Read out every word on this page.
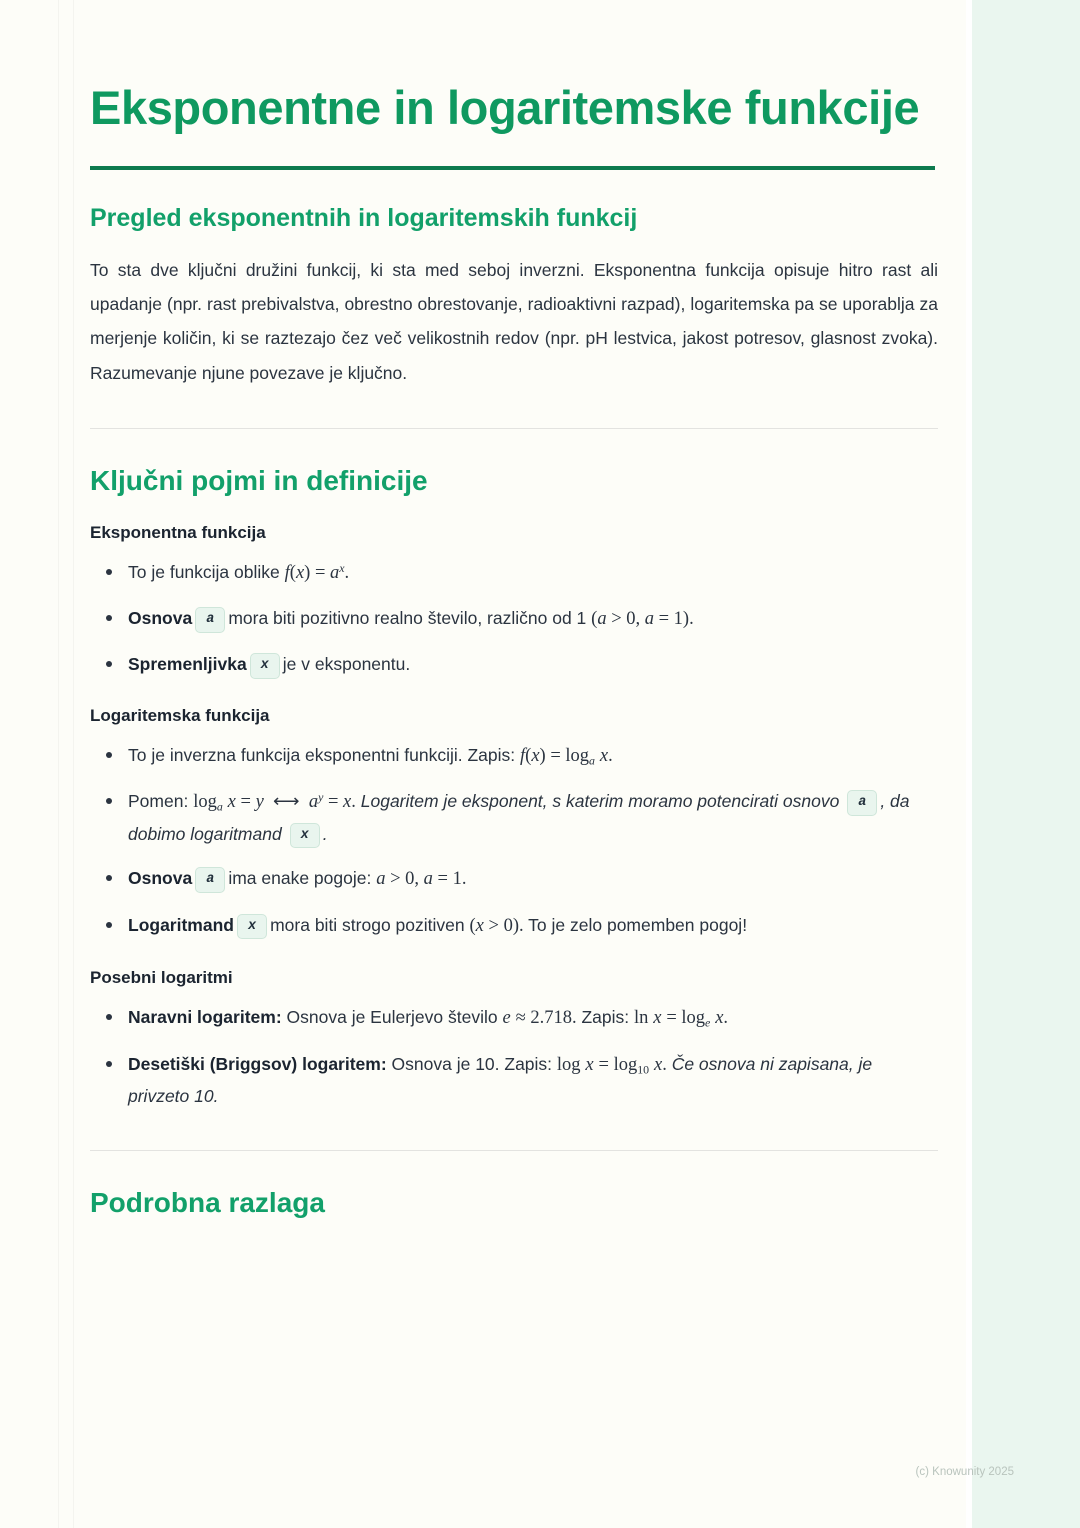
Eksponentne in logaritemske funkcije
Pregled eksponentnih in logaritemskih funkcij

To sta dve ključni družini funkcij, ki sta med seboj inverzni. Eksponentna funkcija opisuje hitro rast ali upadanje (npr. rast prebivalstva, obrestno obrestovanje, radioaktivni razpad), logaritemska pa se uporablja za merjenje količin, ki se raztezajo čez več velikostnih redov (npr. pH lestvica, jakost potresov, glasnost zvoka). Razumevanje njune povezave je ključno.

Ključni pojmi in definicije
Eksponentna funkcija
To je funkcija oblike $f(x) = a^x$.
Osnova a mora biti pozitivno realno število, različno od 1 (a > 0, a = 1).
Spremenljivka x je v eksponentu.
Logaritemska funkcija
To je inverzna funkcija eksponentni funkciji. Zapis: f(x) = loga x.
Pomen: loga x = y  ⟷  $a^y = x$. Logaritem je eksponent, s katerim moramo potencirati osnovo a , da dobimo logaritmand x .
Osnova a ima enake pogoje: a > 0, a = 1.
Logaritmand x mora biti strogo pozitiven (x > 0). To je zelo pomemben pogoj!
Posebni logaritmi
Naravni logaritem: Osnova je Eulerjevo število e ≈ 2.718. Zapis: ln x = loge x.
Desetiški (Briggsov) logaritem: Osnova je 10. Zapis: log x = log10 x. Če osnova ni zapisana, je privzeto 10.
Podrobna razlaga
(c) Knowunity 2025
